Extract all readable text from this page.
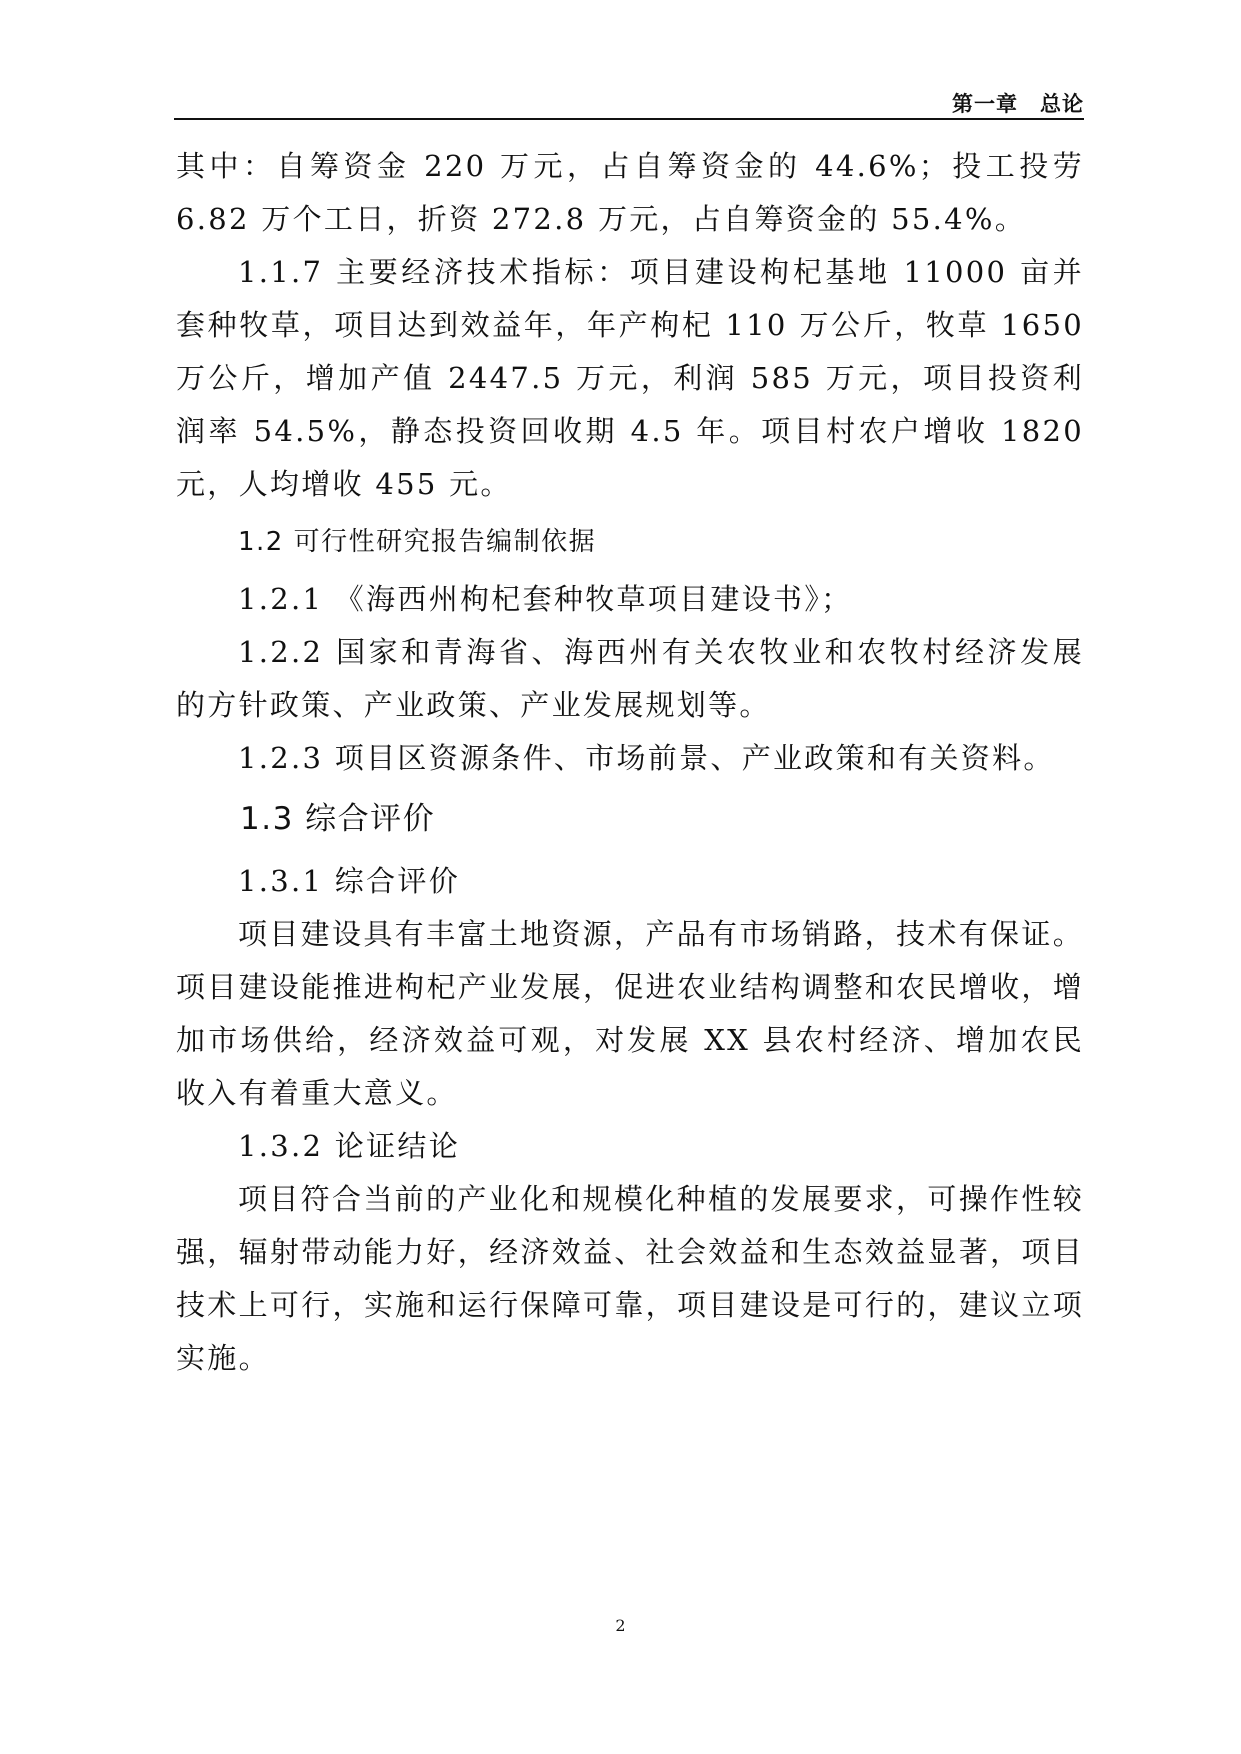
第一章　总论

其中：自筹资金 220 万元，占自筹资金的 44.6%；投工投劳 6.82 万个工日，折资 272.8 万元，占自筹资金的 55.4%。

1.1.7 主要经济技术指标：项目建设枸杞基地 11000 亩并套种牧草，项目达到效益年，年产枸杞 110 万公斤，牧草 1650 万公斤，增加产值 2447.5 万元，利润 585 万元，项目投资利润率 54.5%，静态投资回收期 4.5 年。项目村农户增收 1820 元，人均增收 455 元。

1.2 可行性研究报告编制依据

1.2.1 《海西州枸杞套种牧草项目建设书》；

1.2.2 国家和青海省、海西州有关农牧业和农牧村经济发展的方针政策、产业政策、产业发展规划等。

1.2.3 项目区资源条件、市场前景、产业政策和有关资料。

1.3 综合评价

1.3.1 综合评价

项目建设具有丰富土地资源，产品有市场销路，技术有保证。项目建设能推进枸杞产业发展，促进农业结构调整和农民增收，增加市场供给，经济效益可观，对发展 XX 县农村经济、增加农民收入有着重大意义。

1.3.2 论证结论

项目符合当前的产业化和规模化种植的发展要求，可操作性较强，辐射带动能力好，经济效益、社会效益和生态效益显著，项目技术上可行，实施和运行保障可靠，项目建设是可行的，建议立项实施。

2
